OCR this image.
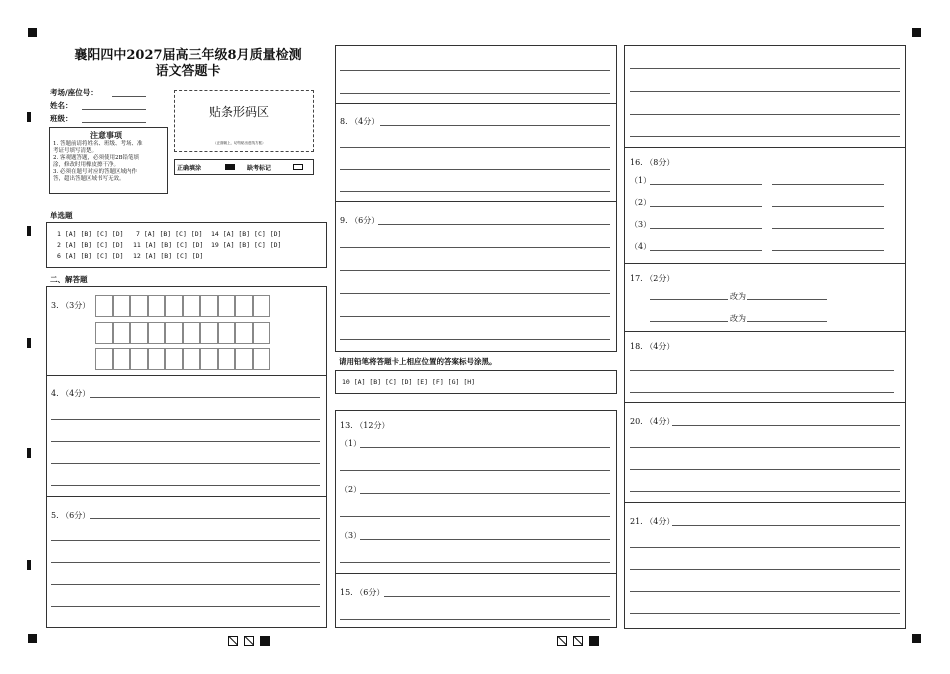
襄阳四中2027届高三年级8月质量检测
语文答题卡
考场/座位号：
姓名：
班级：	贴条形码区
（正面朝上，切勿贴出虚线方框）
注意事项
1. 答题前请将姓名、班级、考场、准
考证号填写清楚。
2. 客观题答题，必须使用2B铅笔填
涂，修改时用橡皮擦干净。
3. 必须在题号对应的答题区域内作
答，超出答题区域书写无效。
正确填涂	缺考标记
单选题
1 [A] [B] [C] [D] 7 [A] [B] [C] [D] 14 [A] [B] [C] [D]
2 [A] [B] [C] [D] 11 [A] [B] [C] [D] 19 [A] [B] [C] [D]
6 [A] [B] [C] [D] 12 [A] [B] [C] [D]
二、解答题
3. （3分）
4. （4分）
5. （6分）
8. （4分）
9. （6分）
请用铅笔将答题卡上相应位置的答案标号涂黑。
10 [A] [B] [C] [D] [E] [F] [G] [H]
13. （12分）
（1）
（2）
（3）
15. （6分）
16. （8分）
（1）
（2）
（3）
（4）
17. （2分）
改为
改为
18. （4分）
20. （4分）
21. （4分）
